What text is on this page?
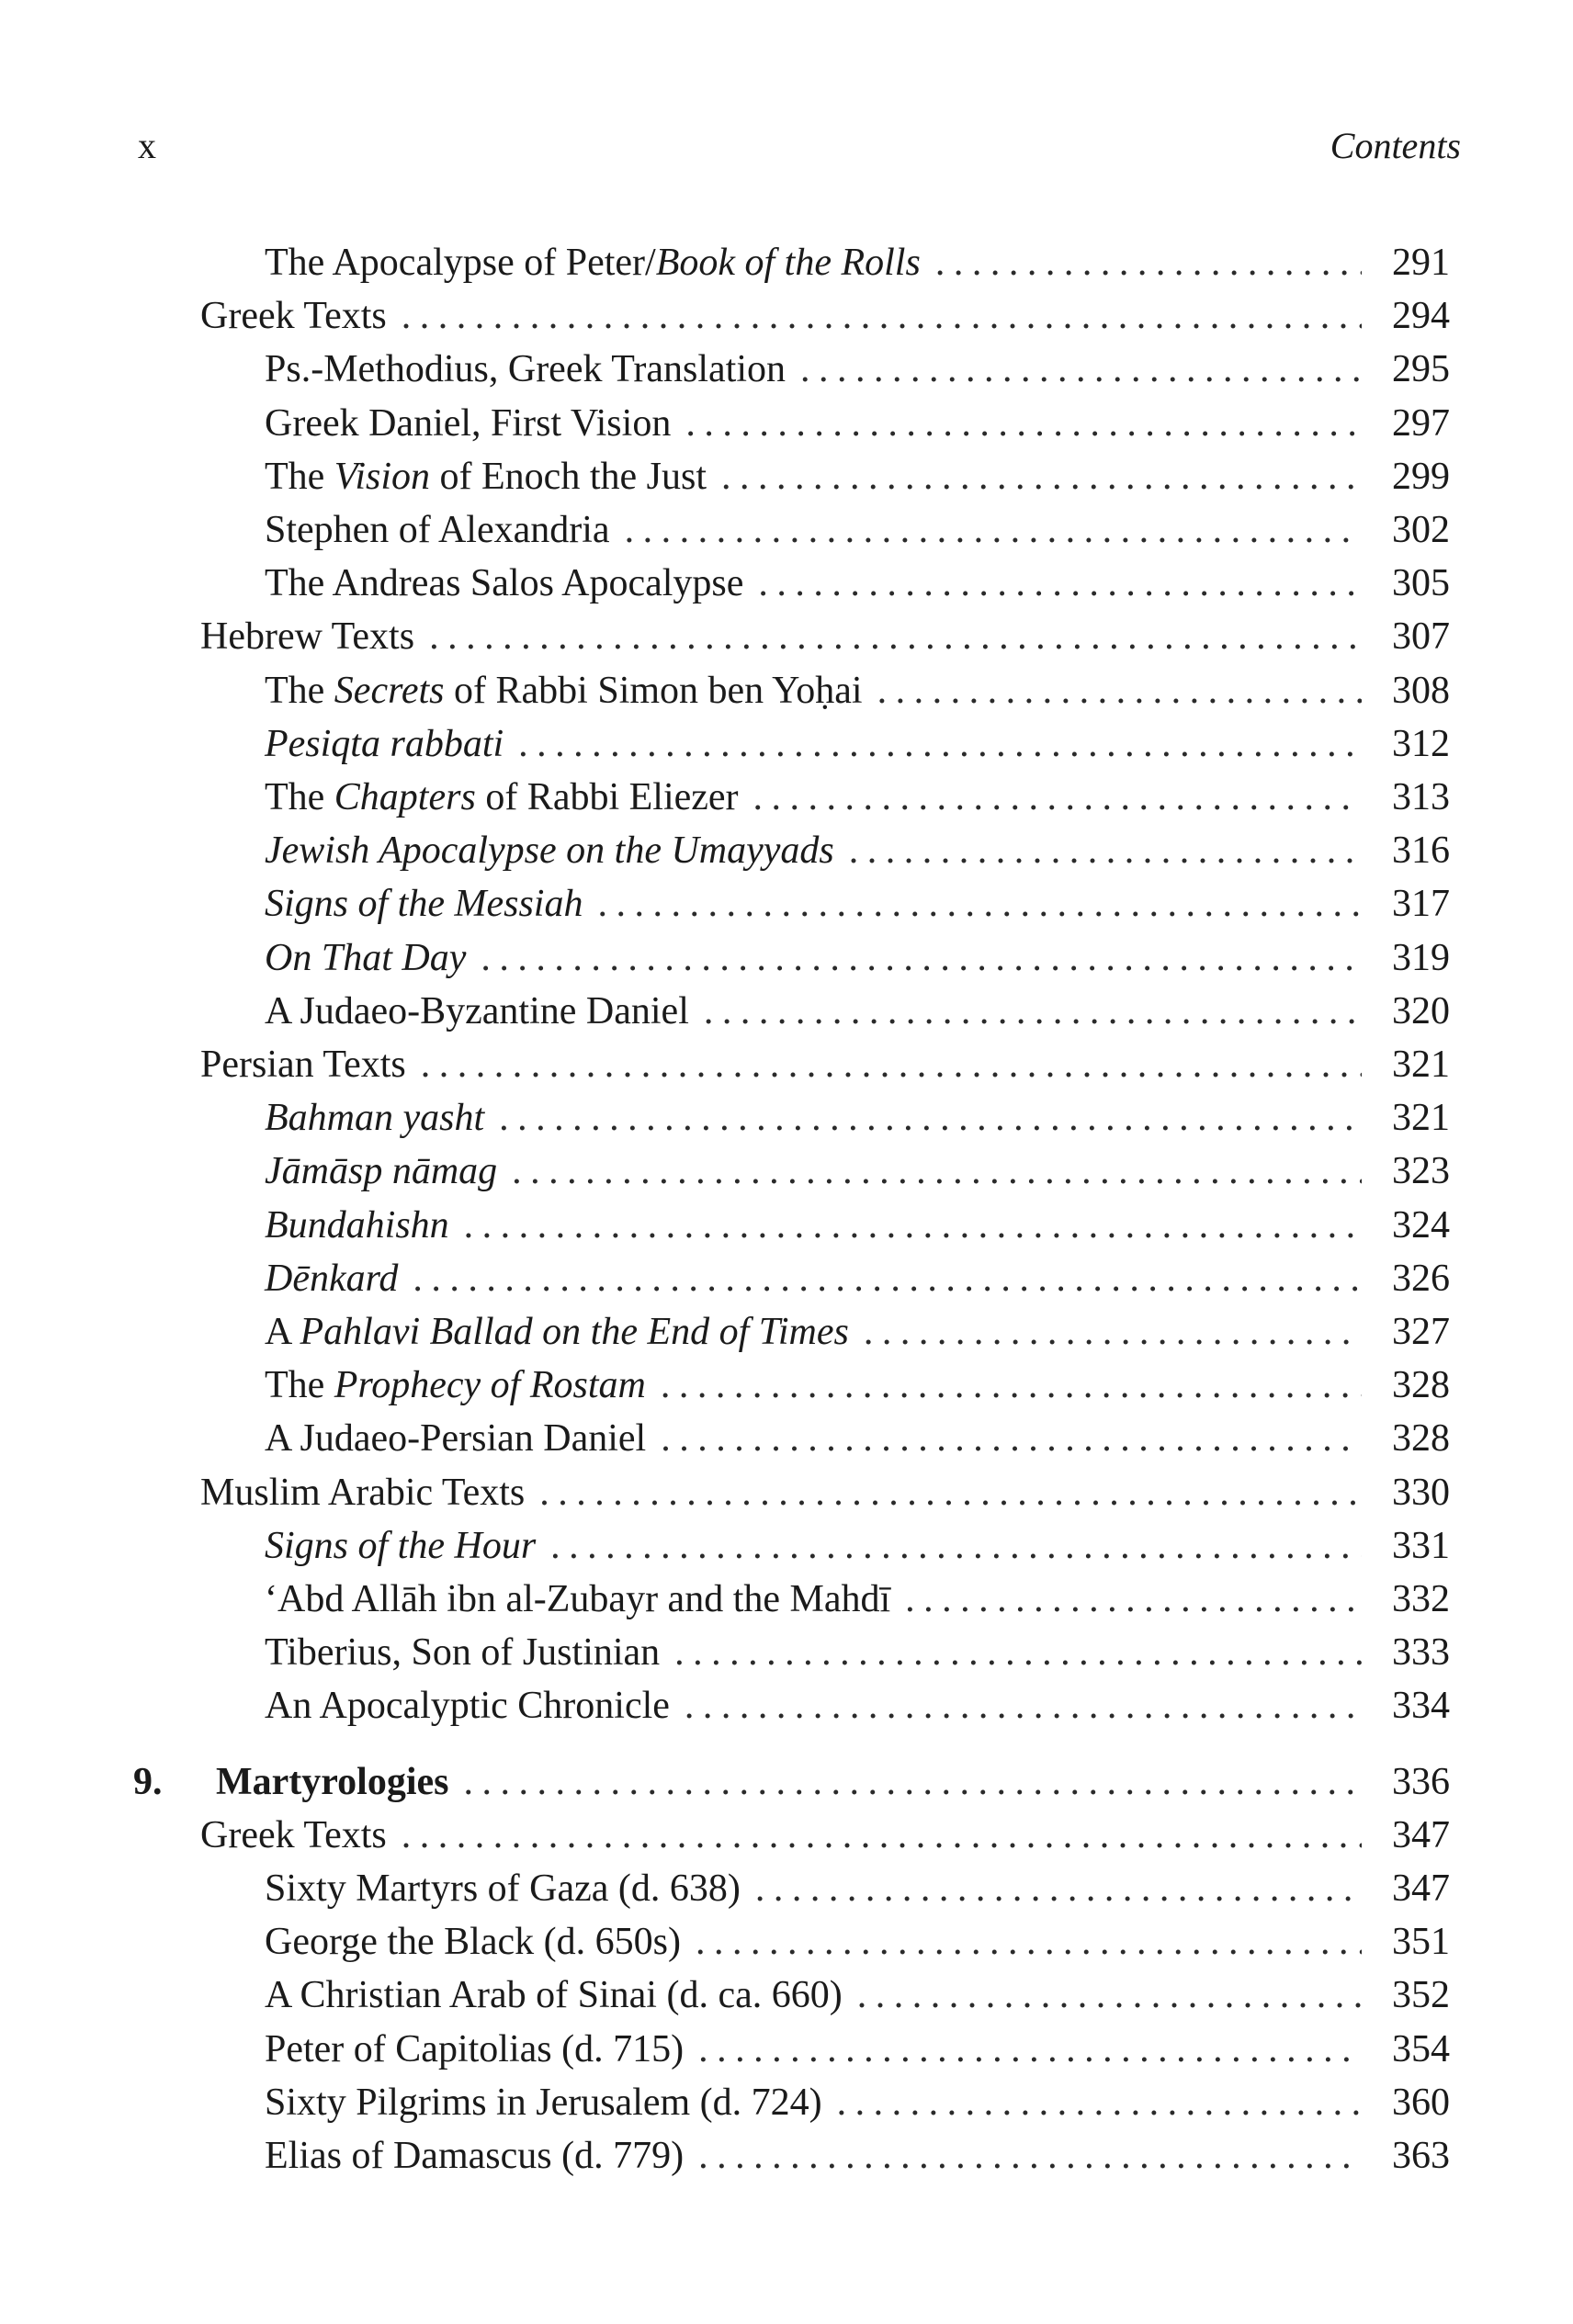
x	Contents
The Apocalypse of Peter/Book of the Rolls . . .	291
Greek Texts . . .	294
Ps.-Methodius, Greek Translation . . .	295
Greek Daniel, First Vision . . .	297
The Vision of Enoch the Just . . .	299
Stephen of Alexandria . . .	302
The Andreas Salos Apocalypse . . .	305
Hebrew Texts . . .	307
The Secrets of Rabbi Simon ben Yoḥai . . .	308
Pesiqta rabbati . . .	312
The Chapters of Rabbi Eliezer . . .	313
Jewish Apocalypse on the Umayyads . . .	316
Signs of the Messiah . . .	317
On That Day . . .	319
A Judaeo-Byzantine Daniel . . .	320
Persian Texts . . .	321
Bahman yasht . . .	321
Jāmāsp nāmag . . .	323
Bundahishn . . .	324
Dēnkard . . .	326
A Pahlavi Ballad on the End of Times . . .	327
The Prophecy of Rostam . . .	328
A Judaeo-Persian Daniel . . .	328
Muslim Arabic Texts . . .	330
Signs of the Hour . . .	331
‘Abd Allāh ibn al-Zubayr and the Mahdī . . .	332
Tiberius, Son of Justinian . . .	333
An Apocalyptic Chronicle . . .	334
9. Martyrologies . . .	336
Greek Texts . . .	347
Sixty Martyrs of Gaza (d. 638) . . .	347
George the Black (d. 650s) . . .	351
A Christian Arab of Sinai (d. ca. 660) . . .	352
Peter of Capitolias (d. 715) . . .	354
Sixty Pilgrims in Jerusalem (d. 724) . . .	360
Elias of Damascus (d. 779) . . .	363
